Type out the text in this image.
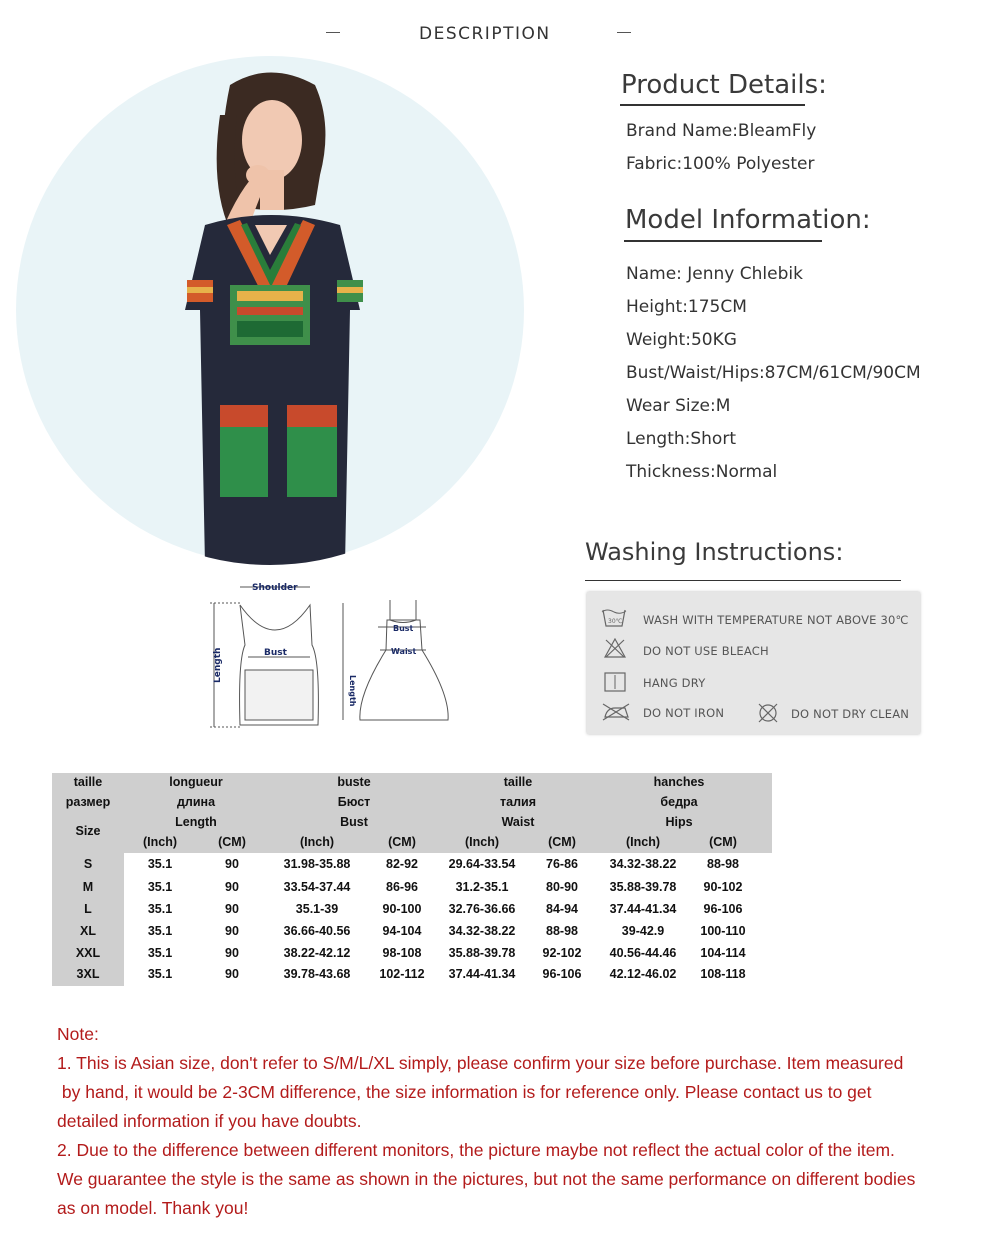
DESCRIPTION
Shoulder
Bust
Length
Bust
Waist
Length
Product Details:
Brand Name:BleamFly
Fabric:100% Polyester
Model Information:
Name: Jenny Chlebik
Height:175CM
Weight:50KG
Bust/Waist/Hips:87CM/61CM/90CM
Wear Size:M
Length:Short
Thickness:Normal
Washing Instructions:
30℃ WASH WITH TEMPERATURE NOT ABOVE 30℃
DO NOT USE BLEACH
HANG DRY
DO NOT IRON	DO NOT DRY CLEAN
taille	longueur	buste	taille	hanches
размер	длина	Бюст	талия	бедра
Size
Length	Bust	Waist	Hips
(Inch)	(CM)	(Inch)	(CM)	(Inch)	(CM)	(Inch)	(CM)
S	35.1	90	31.98-35.88	82-92	29.64-33.54	76-86	34.32-38.22	88-98
M	35.1	90	33.54-37.44	86-96	31.2-35.1	80-90	35.88-39.78	90-102
L	35.1	90	35.1-39	90-100	32.76-36.66	84-94	37.44-41.34	96-106
XL	35.1	90	36.66-40.56	94-104	34.32-38.22	88-98	39-42.9	100-110
XXL	35.1	90	38.22-42.12	98-108	35.88-39.78	92-102	40.56-44.46	104-114
3XL	35.1	90	39.78-43.68	102-112	37.44-41.34	96-106	42.12-46.02	108-118
Note:
1. This is Asian size, don't refer to S/M/L/XL simply, please confirm your size before purchase. Item measured
by hand, it would be 2-3CM difference, the size information is for reference only. Please contact us to get
detailed information if you have doubts.
2. Due to the difference between different monitors, the picture maybe not reflect the actual color of the item.
We guarantee the style is the same as shown in the pictures, but not the same performance on different bodies
as on model. Thank you!
